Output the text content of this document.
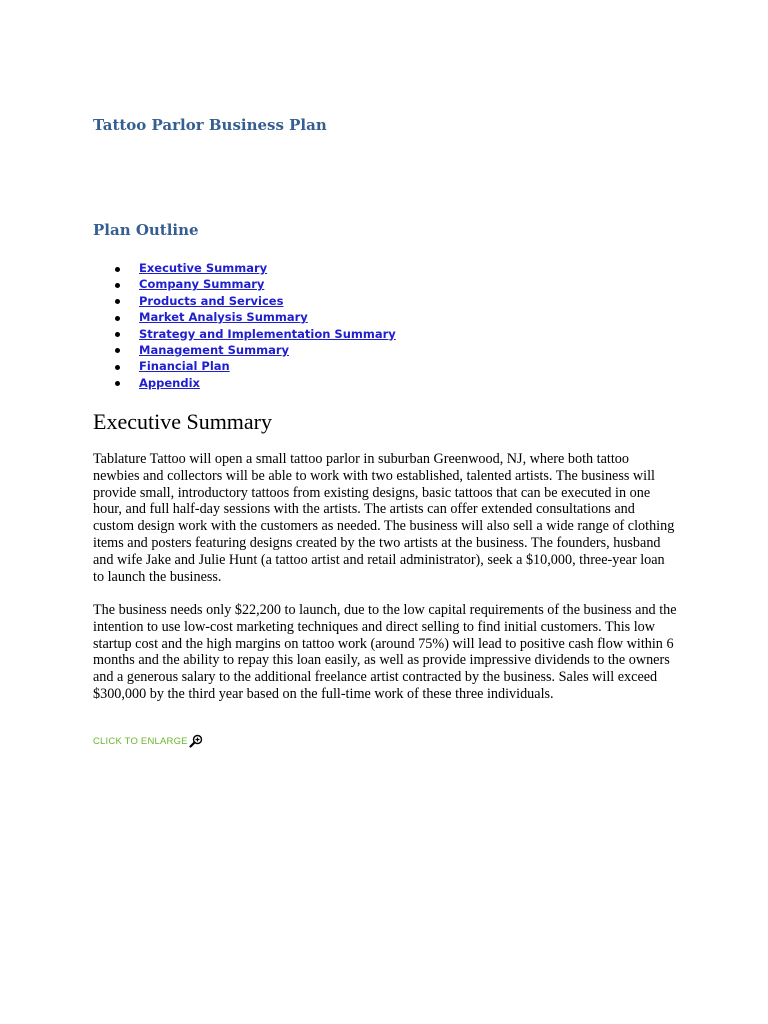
Tattoo Parlor Business Plan
Plan Outline
Executive Summary
Company Summary
Products and Services
Market Analysis Summary
Strategy and Implementation Summary
Management Summary
Financial Plan
Appendix
Executive Summary

Tablature Tattoo will open a small tattoo parlor in suburban Greenwood, NJ, where both tattoo newbies and collectors will be able to work with two established, talented artists. The business will provide small, introductory tattoos from existing designs, basic tattoos that can be executed in one hour, and full half-day sessions with the artists. The artists can offer extended consultations and custom design work with the customers as needed. The business will also sell a wide range of clothing items and posters featuring designs created by the two artists at the business. The founders, husband and wife Jake and Julie Hunt (a tattoo artist and retail administrator), seek a $10,000, three-year loan to launch the business.

The business needs only $22,200 to launch, due to the low capital requirements of the business and the intention to use low-cost marketing techniques and direct selling to find initial customers. This low startup cost and the high margins on tattoo work (around 75%) will lead to positive cash flow within 6 months and the ability to repay this loan easily, as well as provide impressive dividends to the owners and a generous salary to the additional freelance artist contracted by the business. Sales will exceed $300,000 by the third year based on the full-time work of these three individuals.

CLICK TO ENLARGE
